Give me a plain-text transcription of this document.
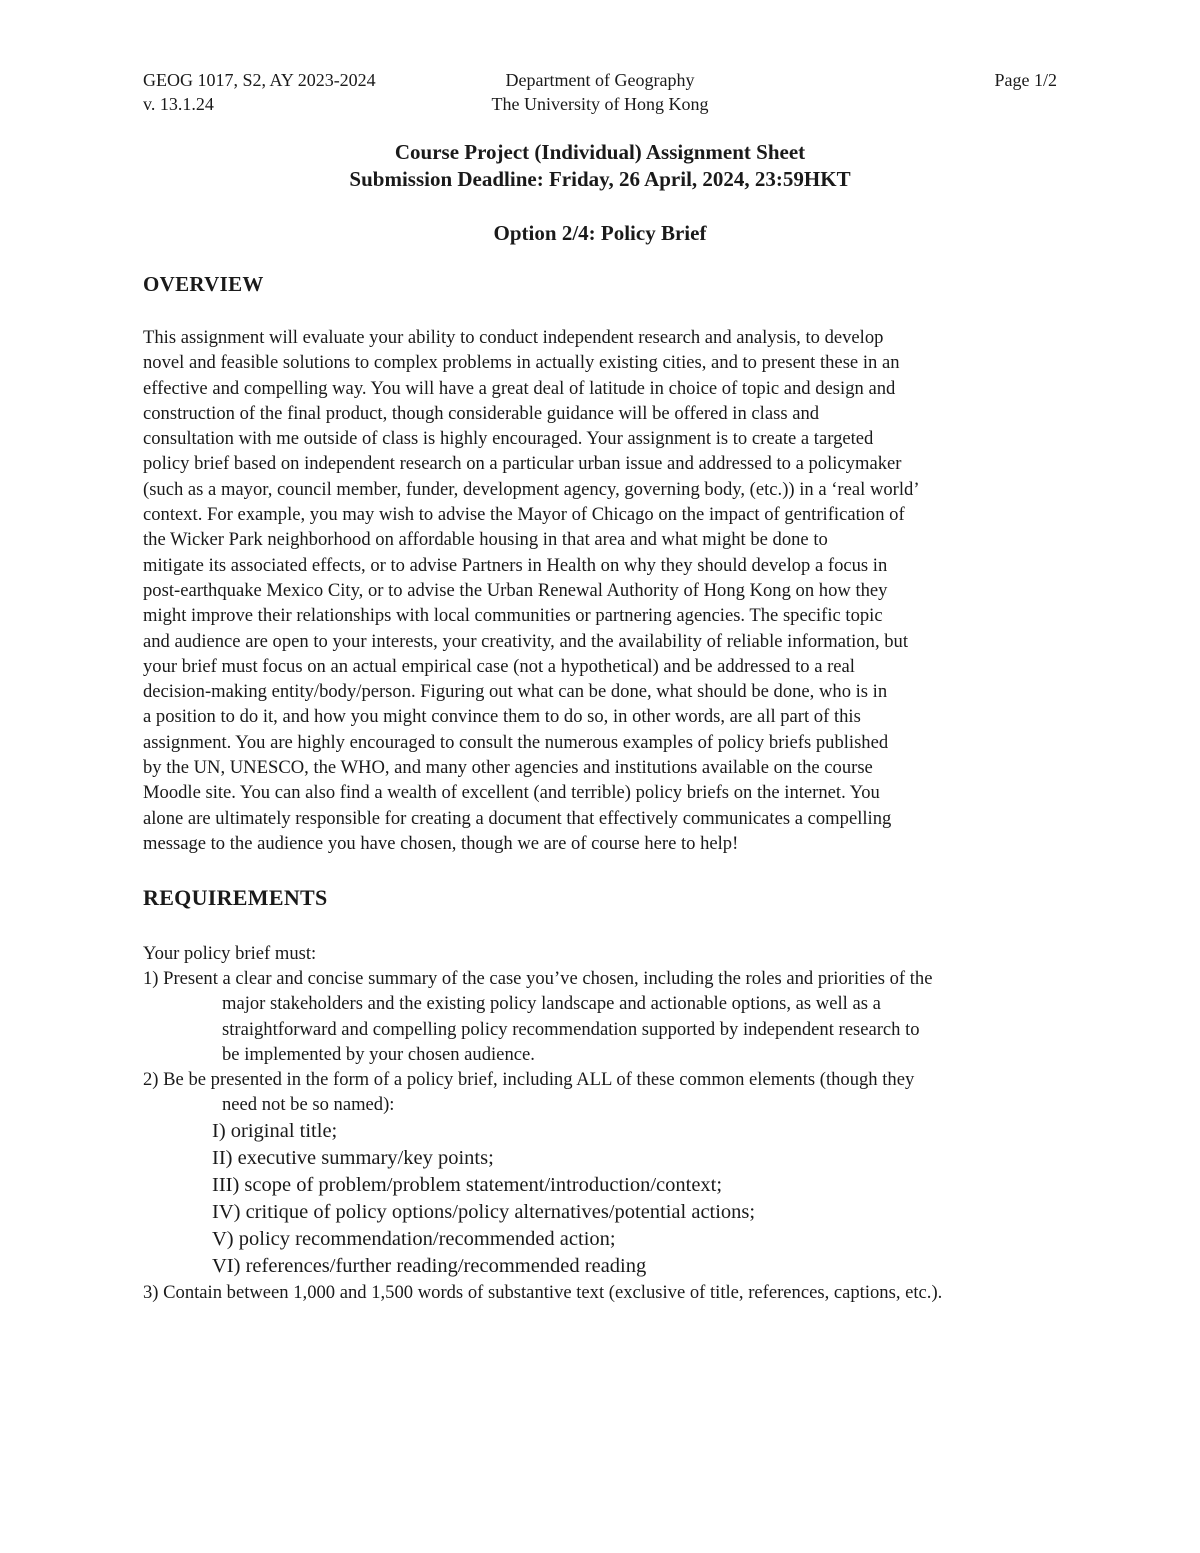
GEOG 1017, S2, AY 2023-2024
v. 13.1.24
Department of Geography
The University of Hong Kong
Page 1/2
Course Project (Individual) Assignment Sheet
Submission Deadline: Friday, 26 April, 2024, 23:59HKT
Option 2/4: Policy Brief
OVERVIEW
This assignment will evaluate your ability to conduct independent research and analysis, to develop
novel and feasible solutions to complex problems in actually existing cities, and to present these in an
effective and compelling way. You will have a great deal of latitude in choice of topic and design and
construction of the final product, though considerable guidance will be offered in class and
consultation with me outside of class is highly encouraged. Your assignment is to create a targeted
policy brief based on independent research on a particular urban issue and addressed to a policymaker
(such as a mayor, council member, funder, development agency, governing body, (etc.)) in a ‘real world’
context. For example, you may wish to advise the Mayor of Chicago on the impact of gentrification of
the Wicker Park neighborhood on affordable housing in that area and what might be done to
mitigate its associated effects, or to advise Partners in Health on why they should develop a focus in
post-earthquake Mexico City, or to advise the Urban Renewal Authority of Hong Kong on how they
might improve their relationships with local communities or partnering agencies. The specific topic
and audience are open to your interests, your creativity, and the availability of reliable information, but
your brief must focus on an actual empirical case (not a hypothetical) and be addressed to a real
decision-making entity/body/person. Figuring out what can be done, what should be done, who is in
a position to do it, and how you might convince them to do so, in other words, are all part of this
assignment. You are highly encouraged to consult the numerous examples of policy briefs published
by the UN, UNESCO, the WHO, and many other agencies and institutions available on the course
Moodle site. You can also find a wealth of excellent (and terrible) policy briefs on the internet. You
alone are ultimately responsible for creating a document that effectively communicates a compelling
message to the audience you have chosen, though we are of course here to help!
REQUIREMENTS
Your policy brief must:
1) Present a clear and concise summary of the case you’ve chosen, including the roles and priorities of the
major stakeholders and the existing policy landscape and actionable options, as well as a
straightforward and compelling policy recommendation supported by independent research to
be implemented by your chosen audience.
2) Be be presented in the form of a policy brief, including ALL of these common elements (though they
need not be so named):
I) original title;
II) executive summary/key points;
III) scope of problem/problem statement/introduction/context;
IV) critique of policy options/policy alternatives/potential actions;
V) policy recommendation/recommended action;
VI) references/further reading/recommended reading
3) Contain between 1,000 and 1,500 words of substantive text (exclusive of title, references, captions, etc.).
